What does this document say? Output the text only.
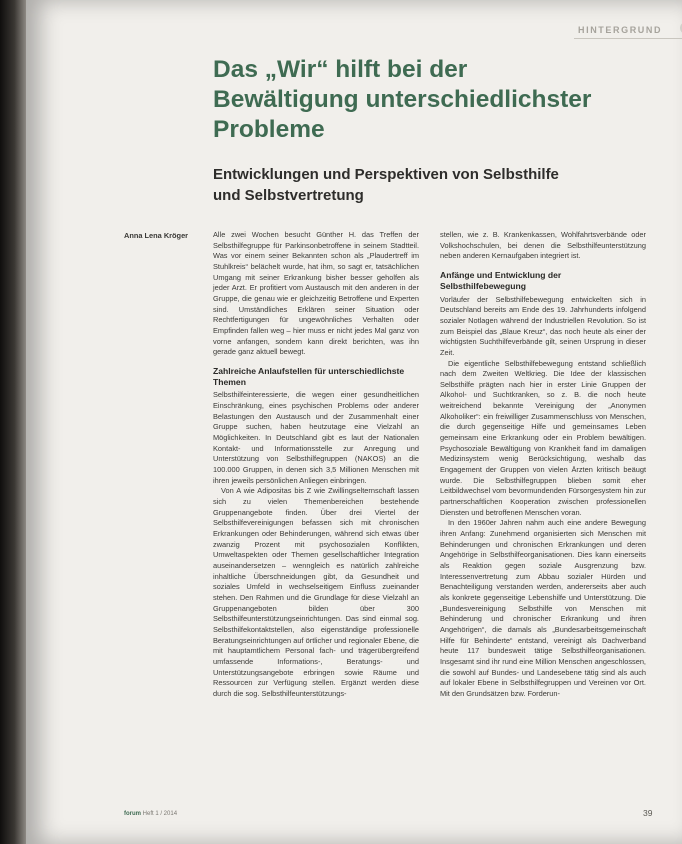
HINTERGRUND
Das „Wir“ hilft bei der
Bewältigung unterschiedlichster
Probleme
Entwicklungen und Perspektiven von Selbsthilfe
und Selbstvertretung
Anna Lena Kröger	Alle zwei Wochen besucht Günther H. das Treffen der Selbsthilfegruppe für Parkinsonbetroffene in seinem Stadtteil. Was vor einem seiner Bekannten schon als „Plaudertreff im Stuhlkreis“ belächelt wurde, hat ihm, so sagt er, tatsächlichen Umgang mit seiner Erkrankung bisher besser geholfen als jeder Arzt. Er profitiert vom Austausch mit den anderen in der Gruppe, die genau wie er gleichzeitig Betroffene und Experten sind. Umständliches Erklären seiner Situation oder Rechtfertigungen für ungewöhnliches Verhalten oder Empfinden fallen weg – hier muss er nicht jedes Mal ganz von vorne anfangen, sondern kann direkt berichten, was ihn gerade ganz aktuell bewegt.

Zahlreiche Anlaufstellen für unterschiedlichste Themen

Selbsthilfeinteressierte, die wegen einer gesundheitlichen Einschränkung, eines psychischen Problems oder anderer Belastungen den Austausch und der Zusammenhalt einer Gruppe suchen, haben heutzutage eine Vielzahl an Möglichkeiten. In Deutschland gibt es laut der Nationalen Kontakt- und Informationsstelle zur Anregung und Unterstützung von Selbsthilfegruppen (NAKOS) an die 100.000 Gruppen, in denen sich 3,5 Millionen Menschen mit ihren jeweils persönlichen Anliegen einbringen.

Von A wie Adipositas bis Z wie Zwillingselternschaft lassen sich zu vielen Themenbereichen bestehende Gruppenangebote finden. Über drei Viertel der Selbsthilfevereinigungen befassen sich mit chronischen Erkrankungen oder Behinderungen, während sich etwas über zwanzig Prozent mit psychosozialen Konflikten, Umweltaspekten oder Themen gesellschaftlicher Integration auseinandersetzen – wenngleich es natürlich zahlreiche inhaltliche Überschneidungen gibt, da Gesundheit und soziales Umfeld in wechselseitigem Einfluss zueinander stehen. Den Rahmen und die Grundlage für diese Vielzahl an Gruppenangeboten bilden über 300 Selbsthilfeunterstützungseinrichtungen. Das sind einmal sog. Selbsthilfekontaktstellen, also eigenständige professionelle Beratungseinrichtungen auf örtlicher und regionaler Ebene, die mit hauptamtlichem Personal fach- und trägerübergreifend umfassende Informations-, Beratungs- und Unterstützungsangebote erbringen sowie Räume und Ressourcen zur Verfügung stellen. Ergänzt werden diese durch die sog. Selbsthilfeunterstützungs-

stellen, wie z. B. Krankenkassen, Wohlfahrtsverbände oder Volkshochschulen, bei denen die Selbsthilfeunterstützung neben anderen Kernaufgaben integriert ist.

Anfänge und Entwicklung der Selbsthilfebewegung

Vorläufer der Selbsthilfebewegung entwickelten sich in Deutschland bereits am Ende des 19. Jahrhunderts infolgend sozialer Notlagen während der Industriellen Revolution. So ist zum Beispiel das „Blaue Kreuz“, das noch heute als einer der wichtigsten Suchthilfeverbände gilt, seinen Ursprung in dieser Zeit.

Die eigentliche Selbsthilfebewegung entstand schließlich nach dem Zweiten Weltkrieg. Die Idee der klassischen Selbsthilfe prägten nach hier in erster Linie Gruppen der Alkohol- und Suchtkranken, so z. B. die noch heute weitreichend bekannte Vereinigung der „Anonymen Alkoholiker“: ein freiwilliger Zusammenschluss von Menschen, die durch gegenseitige Hilfe und gemeinsames Leben gemeinsam eine Erkrankung oder ein Problem bewältigen. Psychosoziale Bewältigung von Krankheit fand im damaligen Medizinsystem wenig Berücksichtigung, weshalb das Engagement der Gruppen von vielen Ärzten kritisch beäugt wurde. Die Selbsthilfegruppen blieben somit eher Leitbildwechsel vom bevormundenden Fürsorgesystem hin zur partnerschaftlichen Kooperation zwischen professionellen Diensten und betroffenen Menschen voran.

In den 1960er Jahren nahm auch eine andere Bewegung ihren Anfang: Zunehmend organisierten sich Menschen mit Behinderungen und chronischen Erkrankungen und deren Angehörige in Selbsthilfeorganisationen. Dies kann einerseits als Reaktion gegen soziale Ausgrenzung bzw. Interessenvertretung zum Abbau sozialer Hürden und Benachteiligung verstanden werden, andererseits aber auch als konkrete gegenseitige Lebenshilfe und Unterstützung. Die „Bundesvereinigung Selbsthilfe von Menschen mit Behinderung und chronischer Erkrankung und ihren Angehörigen“, die damals als „Bundesarbeitsgemeinschaft Hilfe für Behinderte“ entstand, vereinigt als Dachverband heute 117 bundesweit tätige Selbsthilfeorganisationen. Insgesamt sind ihr rund eine Million Menschen angeschlossen, die sowohl auf Bundes- und Landesebene tätig sind als auch auf lokaler Ebene in Selbsthilfegruppen und Vereinen vor Ort. Mit den Grundsätzen bzw. Forderun-

forum Heft 1 / 2014	39
